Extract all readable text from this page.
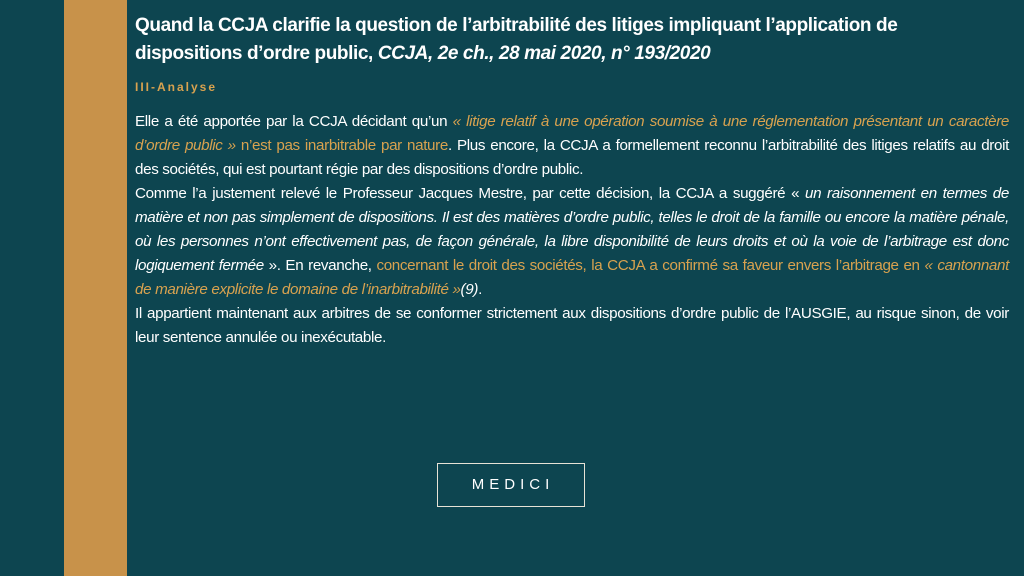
Quand la CCJA clarifie la question de l’arbitrabilité des litiges impliquant l’application de dispositions d’ordre public, CCJA, 2e ch., 28 mai 2020, n° 193/2020
III-Analyse

Elle a été apportée par la CCJA décidant qu’un « litige relatif à une opération soumise à une réglementation présentant un caractère d’ordre public » n’est pas inarbitrable par nature. Plus encore, la CCJA a formellement reconnu l’arbitrabilité des litiges relatifs au droit des sociétés, qui est pourtant régie par des dispositions d’ordre public.

Comme l’a justement relevé le Professeur Jacques Mestre, par cette décision, la CCJA a suggéré « un raisonnement en termes de matière et non pas simplement de dispositions. Il est des matières d’ordre public, telles le droit de la famille ou encore la matière pénale, où les personnes n’ont effectivement pas, de façon générale, la libre disponibilité de leurs droits et où la voie de l’arbitrage est donc logiquement fermée ». En revanche, concernant le droit des sociétés, la CCJA a confirmé sa faveur envers l’arbitrage en « cantonnant de manière explicite le domaine de l’inarbitrabilité »(9).

Il appartient maintenant aux arbitres de se conformer strictement aux dispositions d’ordre public de l’AUSGIE, au risque sinon, de voir leur sentence annulée ou inexécutable.

MEDICI
